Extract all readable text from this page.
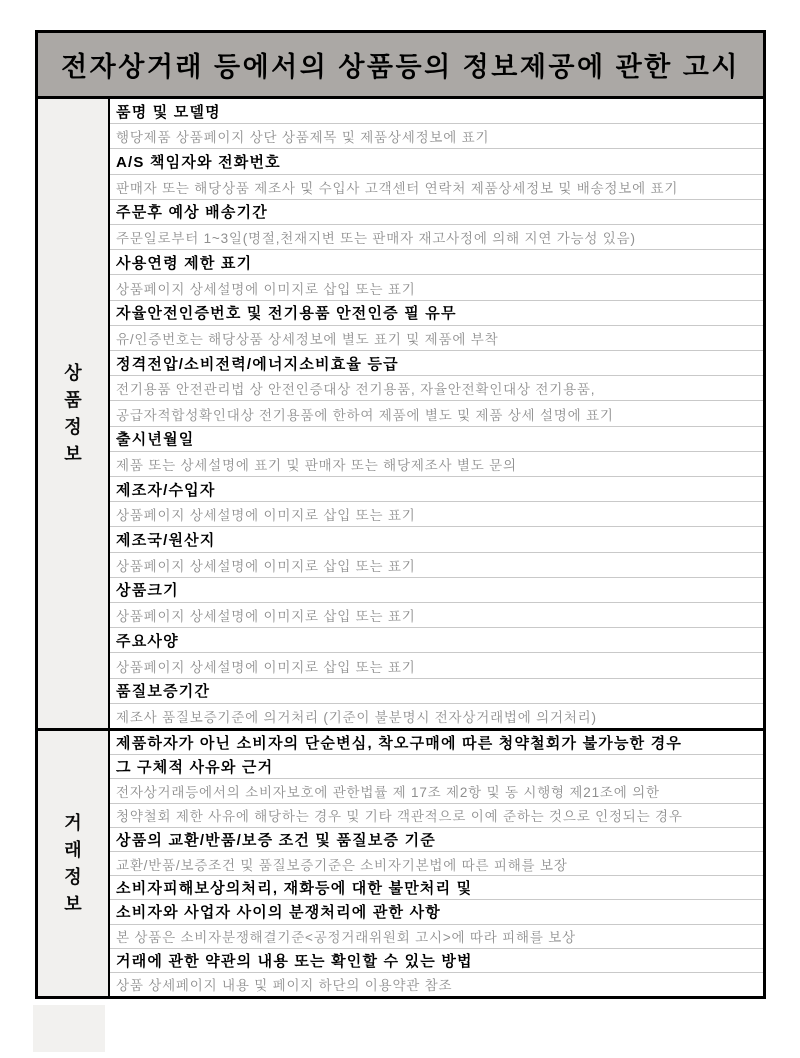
전자상거래 등에서의 상품등의 정보제공에 관한 고시
상
품
정
보
품명 및 모델명
행당제품 상품페이지 상단 상품제목 및 제품상세정보에 표기
A/S 책임자와 전화번호
판매자 또는 해당상품 제조사 및 수입사 고객센터 연락처 제품상세정보 및 배송정보에 표기
주문후 예상 배송기간
주문일로부터 1~3일(명절,천재지변 또는 판매자 재고사정에 의해 지연 가능성 있음)
사용연령 제한 표기
상품페이지 상세설명에 이미지로 삽입 또는 표기
자율안전인증번호 및 전기용품 안전인증 필 유무
유/인증번호는 해당상품 상세정보에 별도 표기 및 제품에 부착
정격전압/소비전력/에너지소비효율 등급
전기용품 안전관리법 상 안전인증대상 전기용품, 자율안전확인대상 전기용품,
공급자적합성확인대상 전기용품에 한하여 제품에 별도 및 제품 상세 설명에 표기
출시년월일
제품 또는 상세설명에 표기 및 판매자 또는 해당제조사 별도 문의
제조자/수입자
상품페이지 상세설명에 이미지로 삽입 또는 표기
제조국/원산지
상품페이지 상세설명에 이미지로 삽입 또는 표기
상품크기
상품페이지 상세설명에 이미지로 삽입 또는 표기
주요사양
상품페이지 상세설명에 이미지로 삽입 또는 표기
품질보증기간
제조사 품질보증기준에 의거처리 (기준이 불분명시 전자상거래법에 의거처리)
거
래
정
보
제품하자가 아닌 소비자의 단순변심, 착오구매에 따른 청약철회가 불가능한 경우
그 구체적 사유와 근거
전자상거래등에서의 소비자보호에 관한법률 제 17조 제2항 및 동 시행형 제21조에 의한
청약철회 제한 사유에 해당하는 경우 및 기타 객관적으로 이예 준하는 것으로 인정되는 경우
상품의 교환/반품/보증 조건 및 품질보증 기준
교환/반품/보증조건 및 품질보증기준은 소비자기본법에 따른 피해를 보장
소비자피해보상의처리, 재화등에 대한 불만처리 및
소비자와 사업자 사이의 분쟁처리에 관한 사항
본 상품은 소비자분쟁해결기준<공정거래위원회 고시>에 따라 피해를 보상
거래에 관한 약관의 내용 또는 확인할 수 있는 방법
상품 상세페이지 내용 및 페이지 하단의 이용약관 참조
